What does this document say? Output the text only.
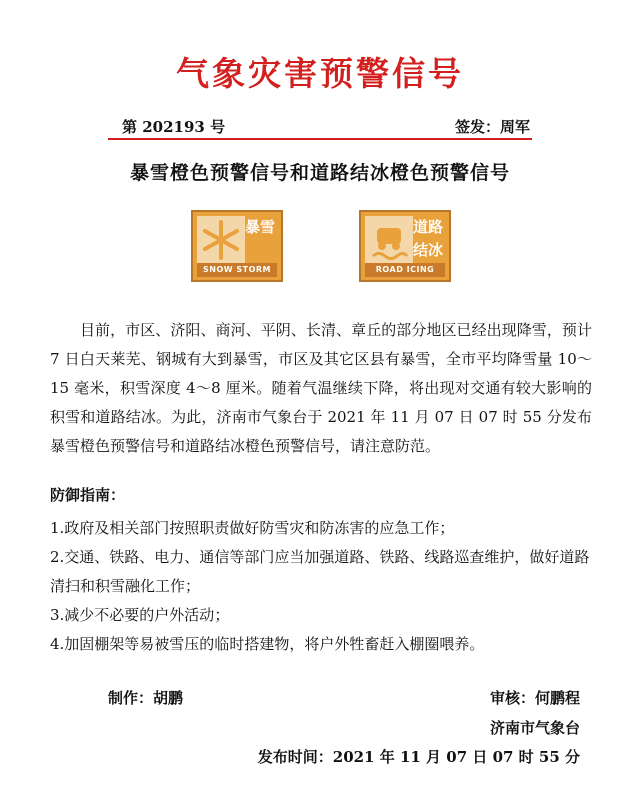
气象灾害预警信号
第 202193 号	签发：周军
暴雪橙色预警信号和道路结冰橙色预警信号
暴雪
SNOW STORM
道路结冰
ROAD ICING
目前，市区、济阳、商河、平阴、长清、章丘的部分地区已经出现降雪，预计 7 日白天莱芜、钢城有大到暴雪，市区及其它区县有暴雪，全市平均降雪量 10～15 毫米，积雪深度 4～8 厘米。随着气温继续下降，将出现对交通有较大影响的积雪和道路结冰。为此，济南市气象台于 2021 年 11 月 07 日 07 时 55 分发布暴雪橙色预警信号和道路结冰橙色预警信号，请注意防范。
防御指南：
1.政府及相关部门按照职责做好防雪灾和防冻害的应急工作；
2.交通、铁路、电力、通信等部门应当加强道路、铁路、线路巡查维护，做好道路清扫和积雪融化工作；
3.减少不必要的户外活动；
4.加固棚架等易被雪压的临时搭建物，将户外牲畜赶入棚圈喂养。
制作：胡鹏	审核：何鹏程
济南市气象台
发布时间：2021 年 11 月 07 日 07 时 55 分
